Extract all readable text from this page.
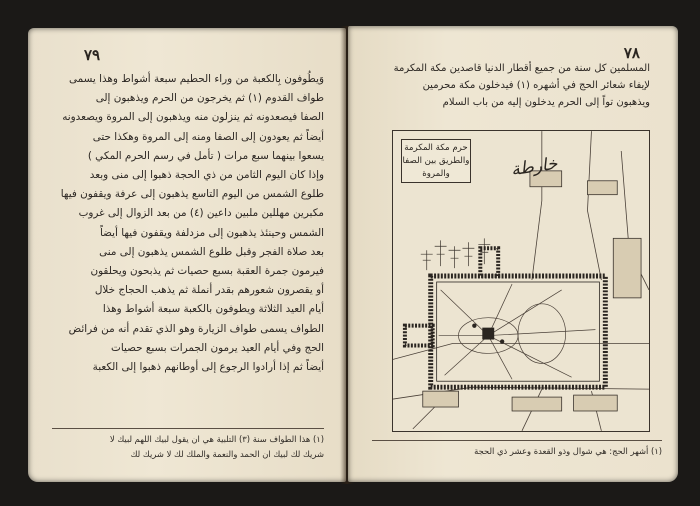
٧٩
وَيطُوفون بِالكعبة من وراء الحطيم سبعة أشواط وهذا يسمى
طواف القدوم (١) ثم يخرجون من الحرم ويذهبون إلى
الصفا فيصعدونه ثم ينزلون منه ويذهبون إلى المروة ويصعدونه
أيضاً ثم يعودون إلى الصفا ومنه إلى المروة وهكذا حتى
يسعوا بينهما سبع مرات ( تأمل في رسم الحرم المكي )
وإذا كان اليوم الثامن من ذي الحجة ذهبوا إلى منى وبعد
طلوع الشمس من اليوم التاسع يذهبون إلى عرفة ويقفون فيها
مكبرين مهللين ملبين داعين (٤) من بعد الزوال إلى غروب
الشمس وحينئذ يذهبون إلى مزدلفة ويقفون فيها أيضاً
بعد صلاة الفجر وقبل طلوع الشمس يذهبون إلى منى
فيرمون جمرة العقبة بسبع حصيات ثم يذبحون ويحلقون
أو يقصرون شعورهم بقدر أنملة ثم يذهب الحجاج خلال
أيام العيد الثلاثة ويطوفون بالكعبة سبعة أشواط وهذا
الطواف يسمى طواف الزيارة وهو الذي تقدم أنه من فرائض
الحج وفي أيام العيد يرمون الجمرات بسبع حصيات
أيضاً ثم إذا أرادوا الرجوع إلى أوطانهم ذهبوا إلى الكعبة
(١) هذا الطواف سنة (٣) التلبية هي ان يقول لبيك اللهم لبيك لا
شريك لك لبيك ان الحمد والنعمة والملك لك لا شريك لك
٧٨
المسلمين كل سنة من جميع أقطار الدنيا قاصدين مكة المكرمة
لإيفاء شعائر الحج في أشهره (١) فيدخلون مكة محرمين
ويذهبون تواً إلى الحرم يدخلون إليه من باب السلام
حرم مكة المكرمة
والطريق بين الصفا
والمروة	خارطة
(١) أشهر الحج: هي شوال وذو القعدة وعشر ذي الحجة
